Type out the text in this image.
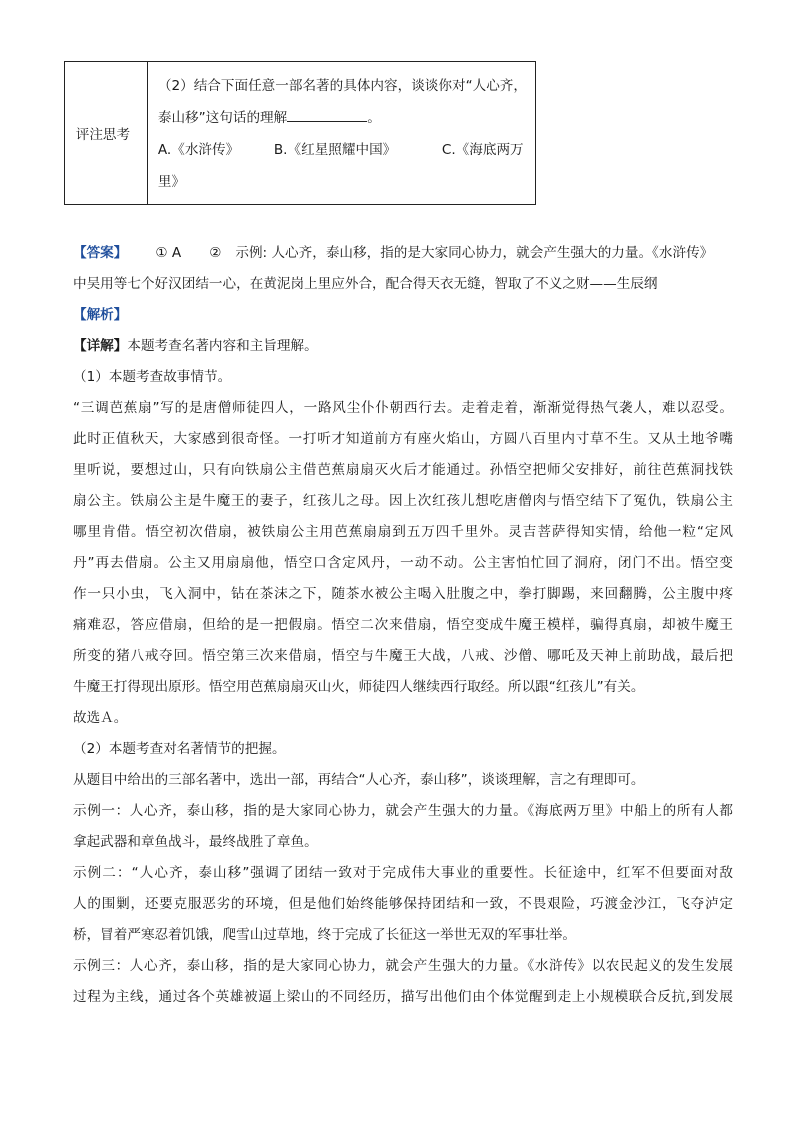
评注思考
（2）结合下面任意一部名著的具体内容，谈谈你对“人心齐，
泰山移”这句话的理解	。
A.《水浒传》	B.《红星照耀中国》	C.《海底两万
里》
【答案】 ① A ② 示例: 人心齐，泰山移，指的是大家同心协力，就会产生强大的力量。《水浒传》
中吴用等七个好汉团结一心，在黄泥岗上里应外合，配合得天衣无缝，智取了不义之财——生辰纲
【解析】
【详解】本题考查名著内容和主旨理解。
（1）本题考查故事情节。
“三调芭蕉扇”写的是唐僧师徒四人，一路风尘仆仆朝西行去。走着走着，渐渐觉得热气袭人，难以忍受。
此时正值秋天，大家感到很奇怪。一打听才知道前方有座火焰山，方圆八百里内寸草不生。又从土地爷嘴
里听说，要想过山，只有向铁扇公主借芭蕉扇扇灭火后才能通过。孙悟空把师父安排好，前往芭蕉洞找铁
扇公主。铁扇公主是牛魔王的妻子，红孩儿之母。因上次红孩儿想吃唐僧肉与悟空结下了冤仇，铁扇公主
哪里肯借。悟空初次借扇，被铁扇公主用芭蕉扇扇到五万四千里外。灵吉菩萨得知实情，给他一粒“定风
丹”再去借扇。公主又用扇扇他，悟空口含定风丹，一动不动。公主害怕忙回了洞府，闭门不出。悟空变
作一只小虫，飞入洞中，钻在茶沫之下，随茶水被公主喝入肚腹之中，拳打脚踢，来回翻腾，公主腹中疼
痛难忍，答应借扇，但给的是一把假扇。悟空二次来借扇，悟空变成牛魔王模样，骗得真扇，却被牛魔王
所变的猪八戒夺回。悟空第三次来借扇，悟空与牛魔王大战，八戒、沙僧、哪吒及天神上前助战，最后把
牛魔王打得现出原形。悟空用芭蕉扇扇灭山火，师徒四人继续西行取经。所以跟“红孩儿”有关。
故选Ａ。
（2）本题考查对名著情节的把握。
从题目中给出的三部名著中，选出一部，再结合“人心齐，泰山移”，谈谈理解，言之有理即可。
示例一：人心齐，泰山移，指的是大家同心协力，就会产生强大的力量。《海底两万里》中船上的所有人都
拿起武器和章鱼战斗，最终战胜了章鱼。
示例二：“人心齐，泰山移”强调了团结一致对于完成伟大事业的重要性。长征途中，红军不但要面对敌
人的围剿，还要克服恶劣的环境，但是他们始终能够保持团结和一致，不畏艰险，巧渡金沙江，飞夺泸定
桥，冒着严寒忍着饥饿，爬雪山过草地，终于完成了长征这一举世无双的军事壮举。
示例三：人心齐，泰山移，指的是大家同心协力，就会产生强大的力量。《水浒传》以农民起义的发生发展
过程为主线，通过各个英雄被逼上梁山的不同经历，描写出他们由个体觉醒到走上小规模联合反抗,到发展
